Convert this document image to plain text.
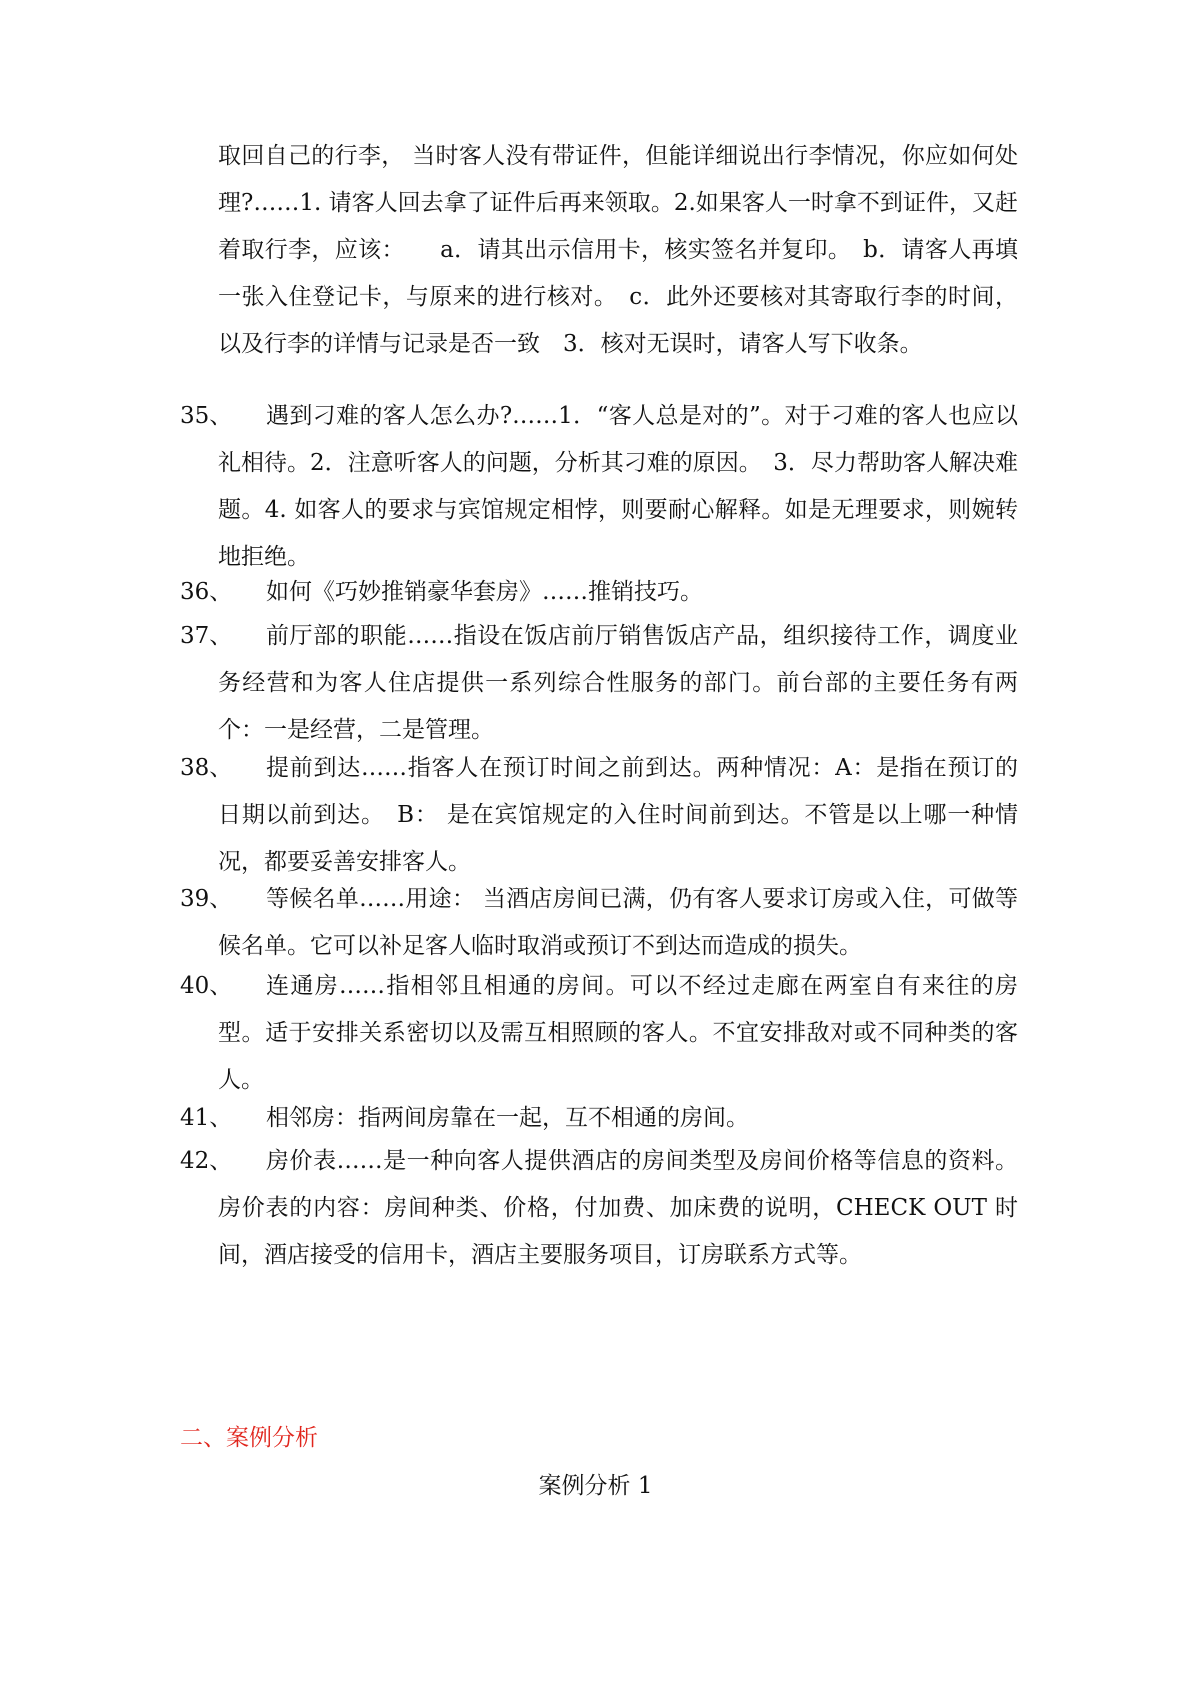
取回自己的行李， 当时客人没有带证件，但能详细说出行李情况，你应如何处理?……1. 请客人回去拿了证件后再来领取。2.如果客人一时拿不到证件，又赶着取行李，应该：　　a．请其出示信用卡，核实签名并复印。　b．请客人再填一张入住登记卡，与原来的进行核对。　c．此外还要核对其寄取行李的时间，以及行李的详情与记录是否一致　3．核对无误时，请客人写下收条。

35、	遇到刁难的客人怎么办?……1．“客人总是对的”。对于刁难的客人也应以礼相待。2．注意听客人的问题，分析其刁难的原因。　3．尽力帮助客人解决难题。4. 如客人的要求与宾馆规定相悖，则要耐心解释。如是无理要求，则婉转地拒绝。
36、	如何《巧妙推销豪华套房》……推销技巧。
37、	前厅部的职能……指设在饭店前厅销售饭店产品，组织接待工作，调度业务经营和为客人住店提供一系列综合性服务的部门。前台部的主要任务有两个：一是经营，二是管理。
38、	提前到达……指客人在预订时间之前到达。两种情况：A：是指在预订的日期以前到达。　B： 是在宾馆规定的入住时间前到达。不管是以上哪一种情况，都要妥善安排客人。
39、	等候名单……用途： 当酒店房间已满，仍有客人要求订房或入住，可做等候名单。它可以补足客人临时取消或预订不到达而造成的损失。
40、	连通房……指相邻且相通的房间。可以不经过走廊在两室自有来往的房型。适于安排关系密切以及需互相照顾的客人。不宜安排敌对或不同种类的客人。
41、	相邻房：指两间房靠在一起，互不相通的房间。
42、	房价表……是一种向客人提供酒店的房间类型及房间价格等信息的资料。房价表的内容：房间种类、价格，付加费、加床费的说明，CHECK OUT 时间，酒店接受的信用卡，酒店主要服务项目，订房联系方式等。
二、案例分析
案例分析 1
